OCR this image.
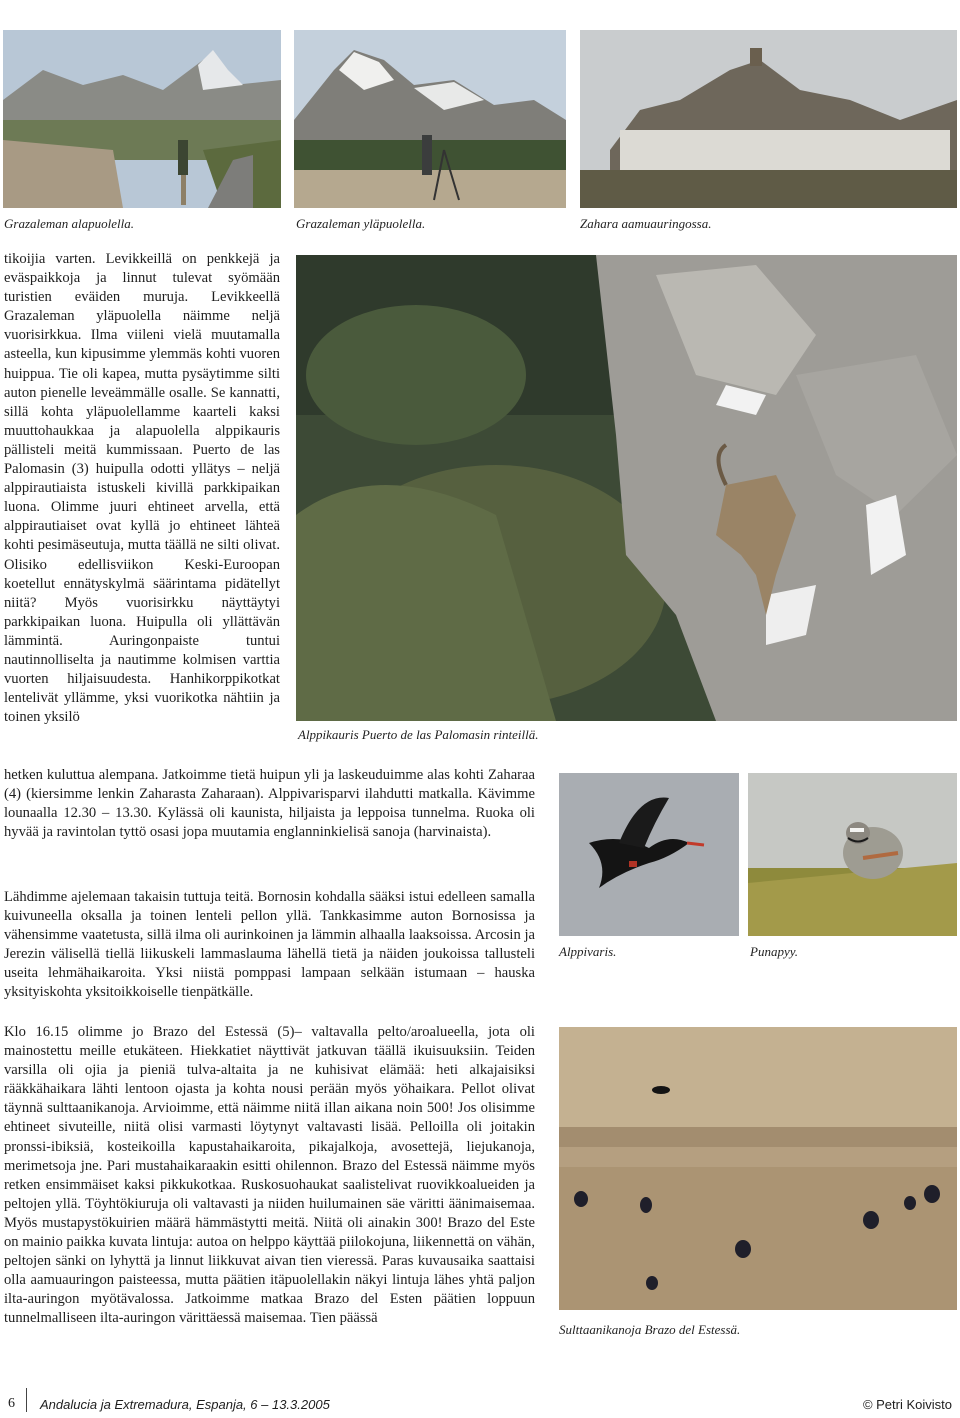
Grazaleman alapuolella.	Grazaleman yläpuolella.	Zahara aamuauringossa.
Alppikauris Puerto de las Palomasin rinteillä.

tikoijia varten. Levikkeillä on penkkejä ja eväspaikkoja ja linnut tulevat syömään turistien eväiden muruja. Levikkeellä Grazaleman yläpuolella näimme neljä vuorisirkkua. Ilma viileni vielä muutamalla asteella, kun kipusimme ylemmäs kohti vuoren huippua. Tie oli kapea, mutta pysäytimme silti auton pienelle leveämmälle osalle. Se kannatti, sillä kohta yläpuolellamme kaarteli kaksi muuttohaukkaa ja alapuolella alppikauris pällisteli meitä kummissaan. Puerto de las Palomasin (3) huipulla odotti yllätys – neljä alppirautiaista istuskeli kivillä parkkipaikan luona. Olimme juuri ehtineet arvella, että alppirautiaiset ovat kyllä jo ehtineet lähteä kohti pesimäseutuja, mutta täällä ne silti olivat. Olisiko edellisviikon Keski-Euroopan koetellut ennätyskylmä säärintama pidätellyt niitä? Myös vuorisirkku näyttäytyi parkkipaikan luona. Huipulla oli yllättävän lämmintä. Auringonpaiste tuntui nautinnolliselta ja nautimme kolmisen varttia vuorten hiljaisuudesta. Hanhikorppikotkat lentelivät yllämme, yksi vuorikotka nähtiin ja toinen yksilö

hetken kuluttua alempana. Jatkoimme tietä huipun yli ja laskeuduimme alas kohti Zaharaa (4) (kiersimme lenkin Zaharasta Zaharaan). Alppivarisparvi ilahdutti matkalla. Kävimme lounaalla 12.30 – 13.30. Kylässä oli kaunista, hiljaista ja leppoisa tunnelma. Ruoka oli hyvää ja ravintolan tyttö osasi jopa muutamia englanninkielisä sanoja (harvinaista).

Alppivaris.	Punapyy.

Lähdimme ajelemaan takaisin tuttuja teitä. Bornosin kohdalla sääksi istui edelleen samalla kuivuneella oksalla ja toinen lenteli pellon yllä. Tankkasimme auton Bornosissa ja vähensimme vaatetusta, sillä ilma oli aurinkoinen ja lämmin alhaalla laaksoissa. Arcosin ja Jerezin välisellä tiellä liikuskeli lammaslauma lähellä tietä ja näiden joukoissa tallusteli useita lehmähaikaroita. Yksi niistä pomppasi lampaan selkään istumaan – hauska yksityiskohta yksitoikkoiselle tienpätkälle.

Klo 16.15 olimme jo Brazo del Estessä (5)– valtavalla pelto/aroalueella, jota oli mainostettu meille etukäteen. Hiekkatiet näyttivät jatkuvan täällä ikuisuuksiin. Teiden varsilla oli ojia ja pieniä tulva-altaita ja ne kuhisivat elämää: heti alkajaisiksi rääkkähaikara lähti lentoon ojasta ja kohta nousi perään myös yöhaikara. Pellot olivat täynnä sulttaanikanoja. Arvioimme, että näimme niitä illan aikana noin 500! Jos olisimme ehtineet sivuteille, niitä olisi varmasti löytynyt valtavasti lisää. Pelloilla oli joitakin pronssi-ibiksiä, kosteikoilla kapustahaikaroita, pikajalkoja, avosettejä, liejukanoja, merimetsoja jne. Pari mustahaikaraakin esitti ohilennon. Brazo del Estessä näimme myös retken ensimmäiset kaksi pikkukotkaa. Ruskosuohaukat saalistelivat ruovikkoalueiden ja peltojen yllä. Töyhtökiuruja oli valtavasti ja niiden huilumainen säe väritti äänimaisemaa. Myös mustapystökuirien määrä hämmästytti meitä. Niitä oli ainakin 300! Brazo del Este on mainio paikka kuvata lintuja: autoa on helppo käyttää piilokojuna, liikennettä on vähän, peltojen sänki on lyhyttä ja linnut liikkuvat aivan tien vieressä. Paras kuvausaika saattaisi olla aamuauringon paisteessa, mutta päätien itäpuolellakin näkyi lintuja lähes yhtä paljon ilta-auringon myötävalossa. Jatkoimme matkaa Brazo del Esten päätien loppuun tunnelmalliseen ilta-auringon värittäessä maisemaa. Tien päässä

Sulttaanikanoja Brazo del Estessä.
6 Andalucia ja Extremadura, Espanja, 6 – 13.3.2005	© Petri Koivisto
